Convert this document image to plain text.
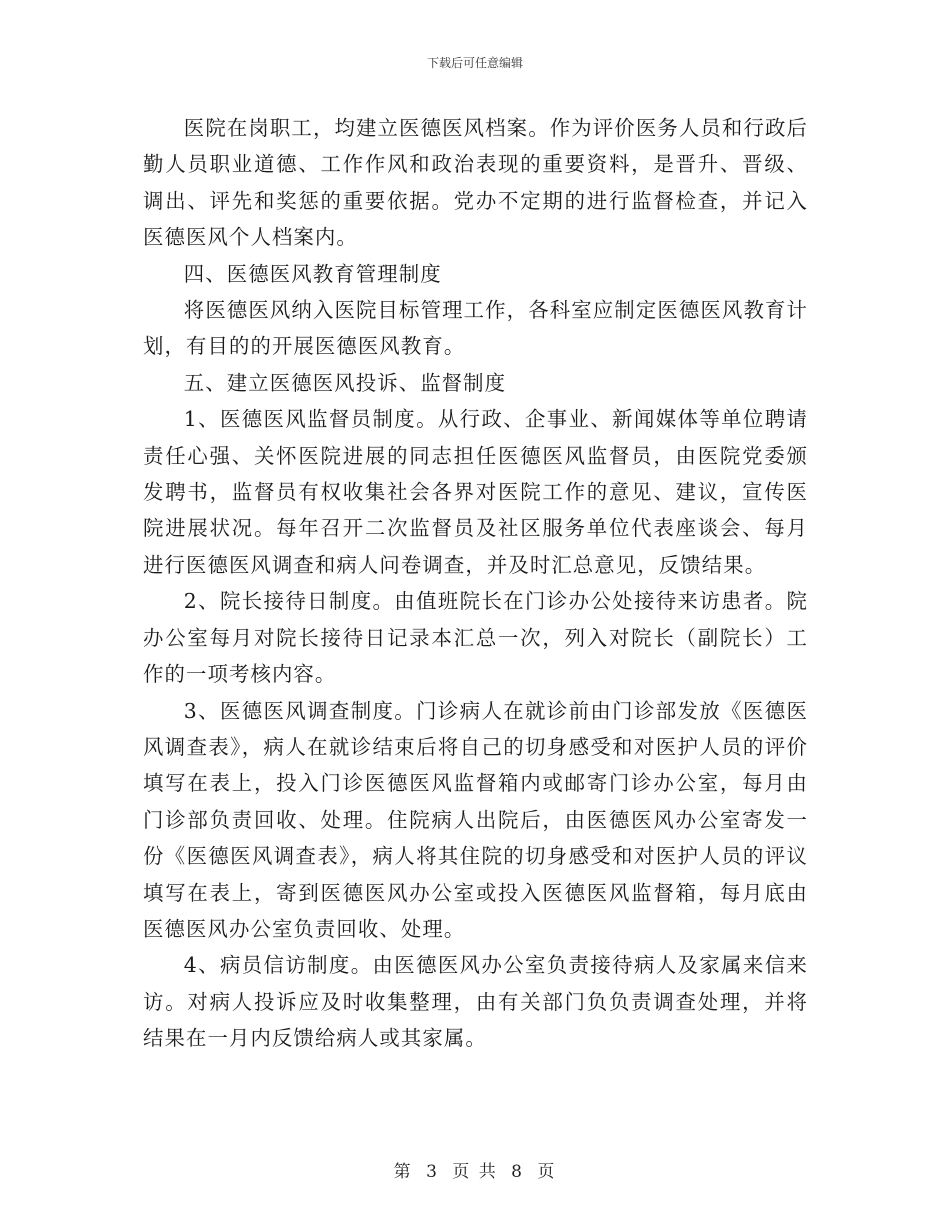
下载后可任意编辑

医院在岗职工，均建立医德医风档案。作为评价医务人员和行政后勤人员职业道德、工作作风和政治表现的重要资料，是晋升、晋级、调出、评先和奖惩的重要依据。党办不定期的进行监督检查，并记入医德医风个人档案内。

四、医德医风教育管理制度

将医德医风纳入医院目标管理工作，各科室应制定医德医风教育计划，有目的的开展医德医风教育。

五、建立医德医风投诉、监督制度

1、医德医风监督员制度。从行政、企事业、新闻媒体等单位聘请责任心强、关怀医院进展的同志担任医德医风监督员，由医院党委颁发聘书，监督员有权收集社会各界对医院工作的意见、建议，宣传医院进展状况。每年召开二次监督员及社区服务单位代表座谈会、每月进行医德医风调查和病人问卷调查，并及时汇总意见，反馈结果。

2、院长接待日制度。由值班院长在门诊办公处接待来访患者。院办公室每月对院长接待日记录本汇总一次，列入对院长（副院长）工作的一项考核内容。

3、医德医风调查制度。门诊病人在就诊前由门诊部发放《医德医风调查表》，病人在就诊结束后将自己的切身感受和对医护人员的评价填写在表上，投入门诊医德医风监督箱内或邮寄门诊办公室，每月由门诊部负责回收、处理。住院病人出院后，由医德医风办公室寄发一份《医德医风调查表》，病人将其住院的切身感受和对医护人员的评议填写在表上，寄到医德医风办公室或投入医德医风监督箱，每月底由医德医风办公室负责回收、处理。

4、病员信访制度。由医德医风办公室负责接待病人及家属来信来访。对病人投诉应及时收集整理，由有关部门负负责调查处理，并将结果在一月内反馈给病人或其家属。

第 3 页 共 8 页
